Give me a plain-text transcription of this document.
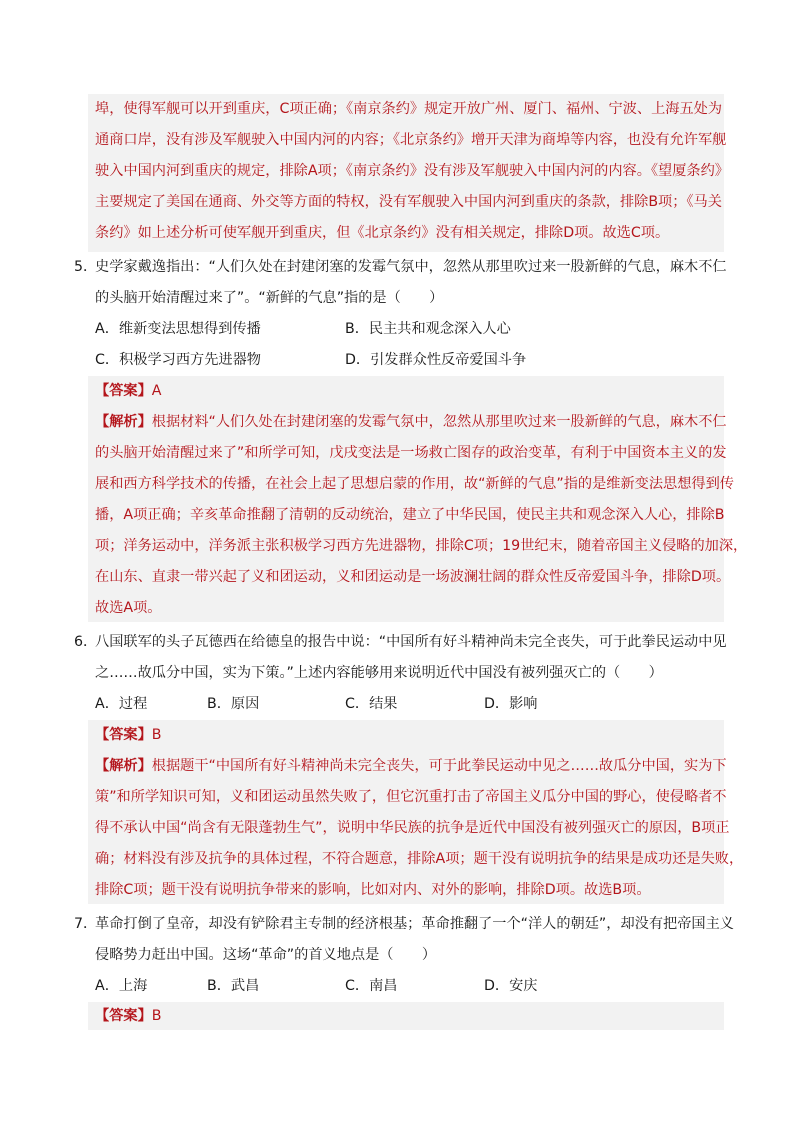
埠，使得军舰可以开到重庆，C项正确；《南京条约》规定开放广州、厦门、福州、宁波、上海五处为
通商口岸，没有涉及军舰驶入中国内河的内容；《北京条约》增开天津为商埠等内容，也没有允许军舰
驶入中国内河到重庆的规定，排除A项；《南京条约》没有涉及军舰驶入中国内河的内容。《望厦条约》
主要规定了美国在通商、外交等方面的特权，没有军舰驶入中国内河到重庆的条款，排除B项；《马关
条约》如上述分析可使军舰开到重庆，但《北京条约》没有相关规定，排除D项。故选C项。
5．
史学家戴逸指出：“人们久处在封建闭塞的发霉气氛中，忽然从那里吹过来一股新鲜的气息，麻木不仁
的头脑开始清醒过来了”。“新鲜的气息”指的是（　　）
A．维新变法思想得到传播	B．民主共和观念深入人心
C．积极学习西方先进器物	D．引发群众性反帝爱国斗争
【答案】A
【解析】根据材料“人们久处在封建闭塞的发霉气氛中，忽然从那里吹过来一股新鲜的气息，麻木不仁
的头脑开始清醒过来了”和所学可知，戊戌变法是一场救亡图存的政治变革，有利于中国资本主义的发
展和西方科学技术的传播，在社会上起了思想启蒙的作用，故“新鲜的气息”指的是维新变法思想得到传
播，A项正确；辛亥革命推翻了清朝的反动统治，建立了中华民国，使民主共和观念深入人心，排除B
项；洋务运动中，洋务派主张积极学习西方先进器物，排除C项；19世纪末，随着帝国主义侵略的加深，
在山东、直隶一带兴起了义和团运动，义和团运动是一场波澜壮阔的群众性反帝爱国斗争，排除D项。
故选A项。
6．
八国联军的头子瓦德西在给德皇的报告中说：“中国所有好斗精神尚未完全丧失，可于此拳民运动中见
之……故瓜分中国，实为下策。”上述内容能够用来说明近代中国没有被列强灭亡的（　　）
A．过程	B．原因	C．结果	D．影响
【答案】B
【解析】根据题干“中国所有好斗精神尚未完全丧失，可于此拳民运动中见之……故瓜分中国，实为下
策”和所学知识可知，义和团运动虽然失败了，但它沉重打击了帝国主义瓜分中国的野心，使侵略者不
得不承认中国“尚含有无限蓬勃生气”，说明中华民族的抗争是近代中国没有被列强灭亡的原因，B项正
确；材料没有涉及抗争的具体过程，不符合题意，排除A项；题干没有说明抗争的结果是成功还是失败，
排除C项；题干没有说明抗争带来的影响，比如对内、对外的影响，排除D项。故选B项。
7．
革命打倒了皇帝，却没有铲除君主专制的经济根基；革命推翻了一个“洋人的朝廷”，却没有把帝国主义
侵略势力赶出中国。这场“革命”的首义地点是（　　）
A．上海	B．武昌	C．南昌	D．安庆
【答案】B
